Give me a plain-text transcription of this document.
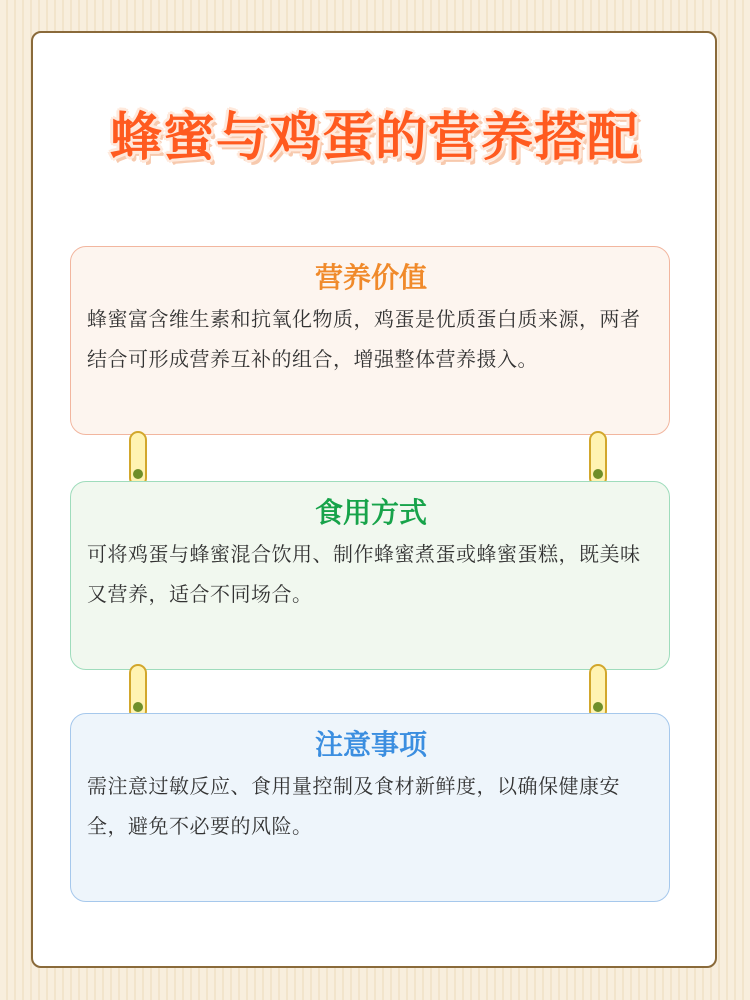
蜂蜜与鸡蛋的营养搭配
营养价值

蜂蜜富含维生素和抗氧化物质，鸡蛋是优质蛋白质来源，两者结合可形成营养互补的组合，增强整体营养摄入。

食用方式

可将鸡蛋与蜂蜜混合饮用、制作蜂蜜煮蛋或蜂蜜蛋糕，既美味又营养，适合不同场合。

注意事项

需注意过敏反应、食用量控制及食材新鲜度，以确保健康安全，避免不必要的风险。
